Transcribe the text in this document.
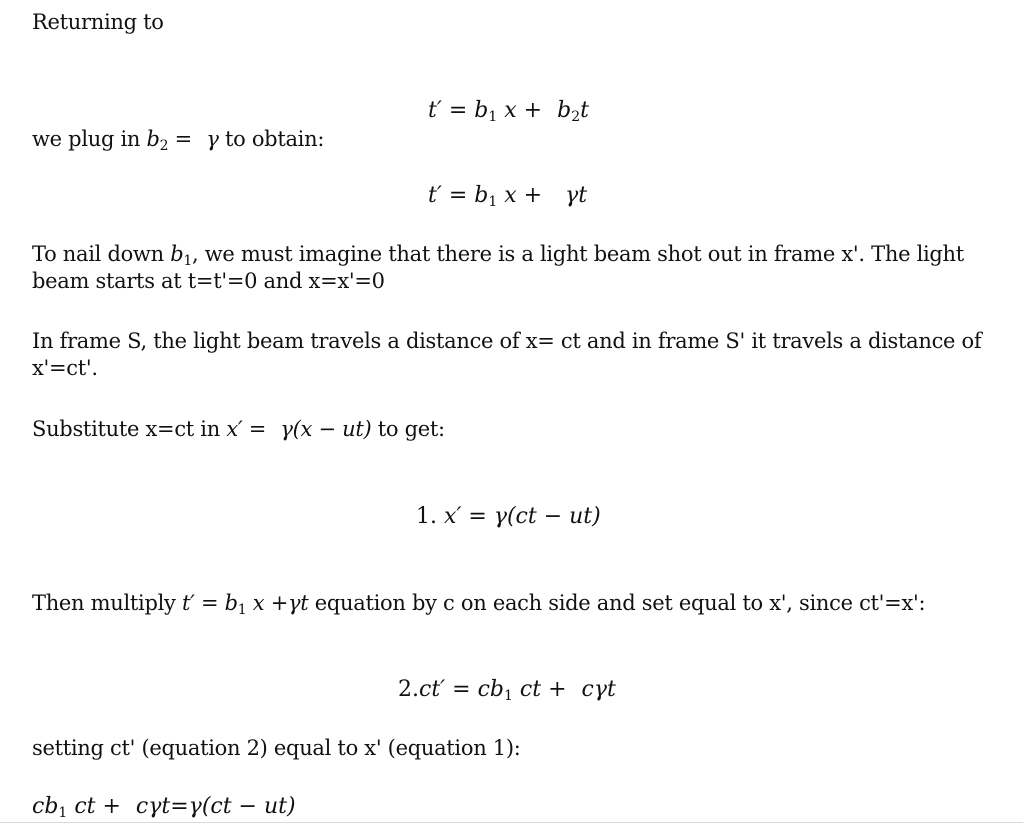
Returning to
$t' = b_1$ $x + b_2t$
we plug in $b_2 = \gamma$ to obtain:
$t' = b_1$ x + γt
To nail down $b_1$, we must imagine that there is a light beam shot out in frame x'. The light beam starts at t=t'=0 and x=x'=0
In frame S, the light beam travels a distance of x= ct and in frame S' it travels a distance of x'=ct'.
Substitute x=ct in x′ = γ(x − ut) to get:
1. x′ = γ(ct − ut)
Then multiply $t' = b_1$ x +γt equation by c on each side and set equal to x', since ct'=x':
$2.ct' = cb_1$ ct + cγt
setting ct' (equation 2) equal to x' (equation 1):
$cb_1$ ct + cγt=γ(ct − ut)
